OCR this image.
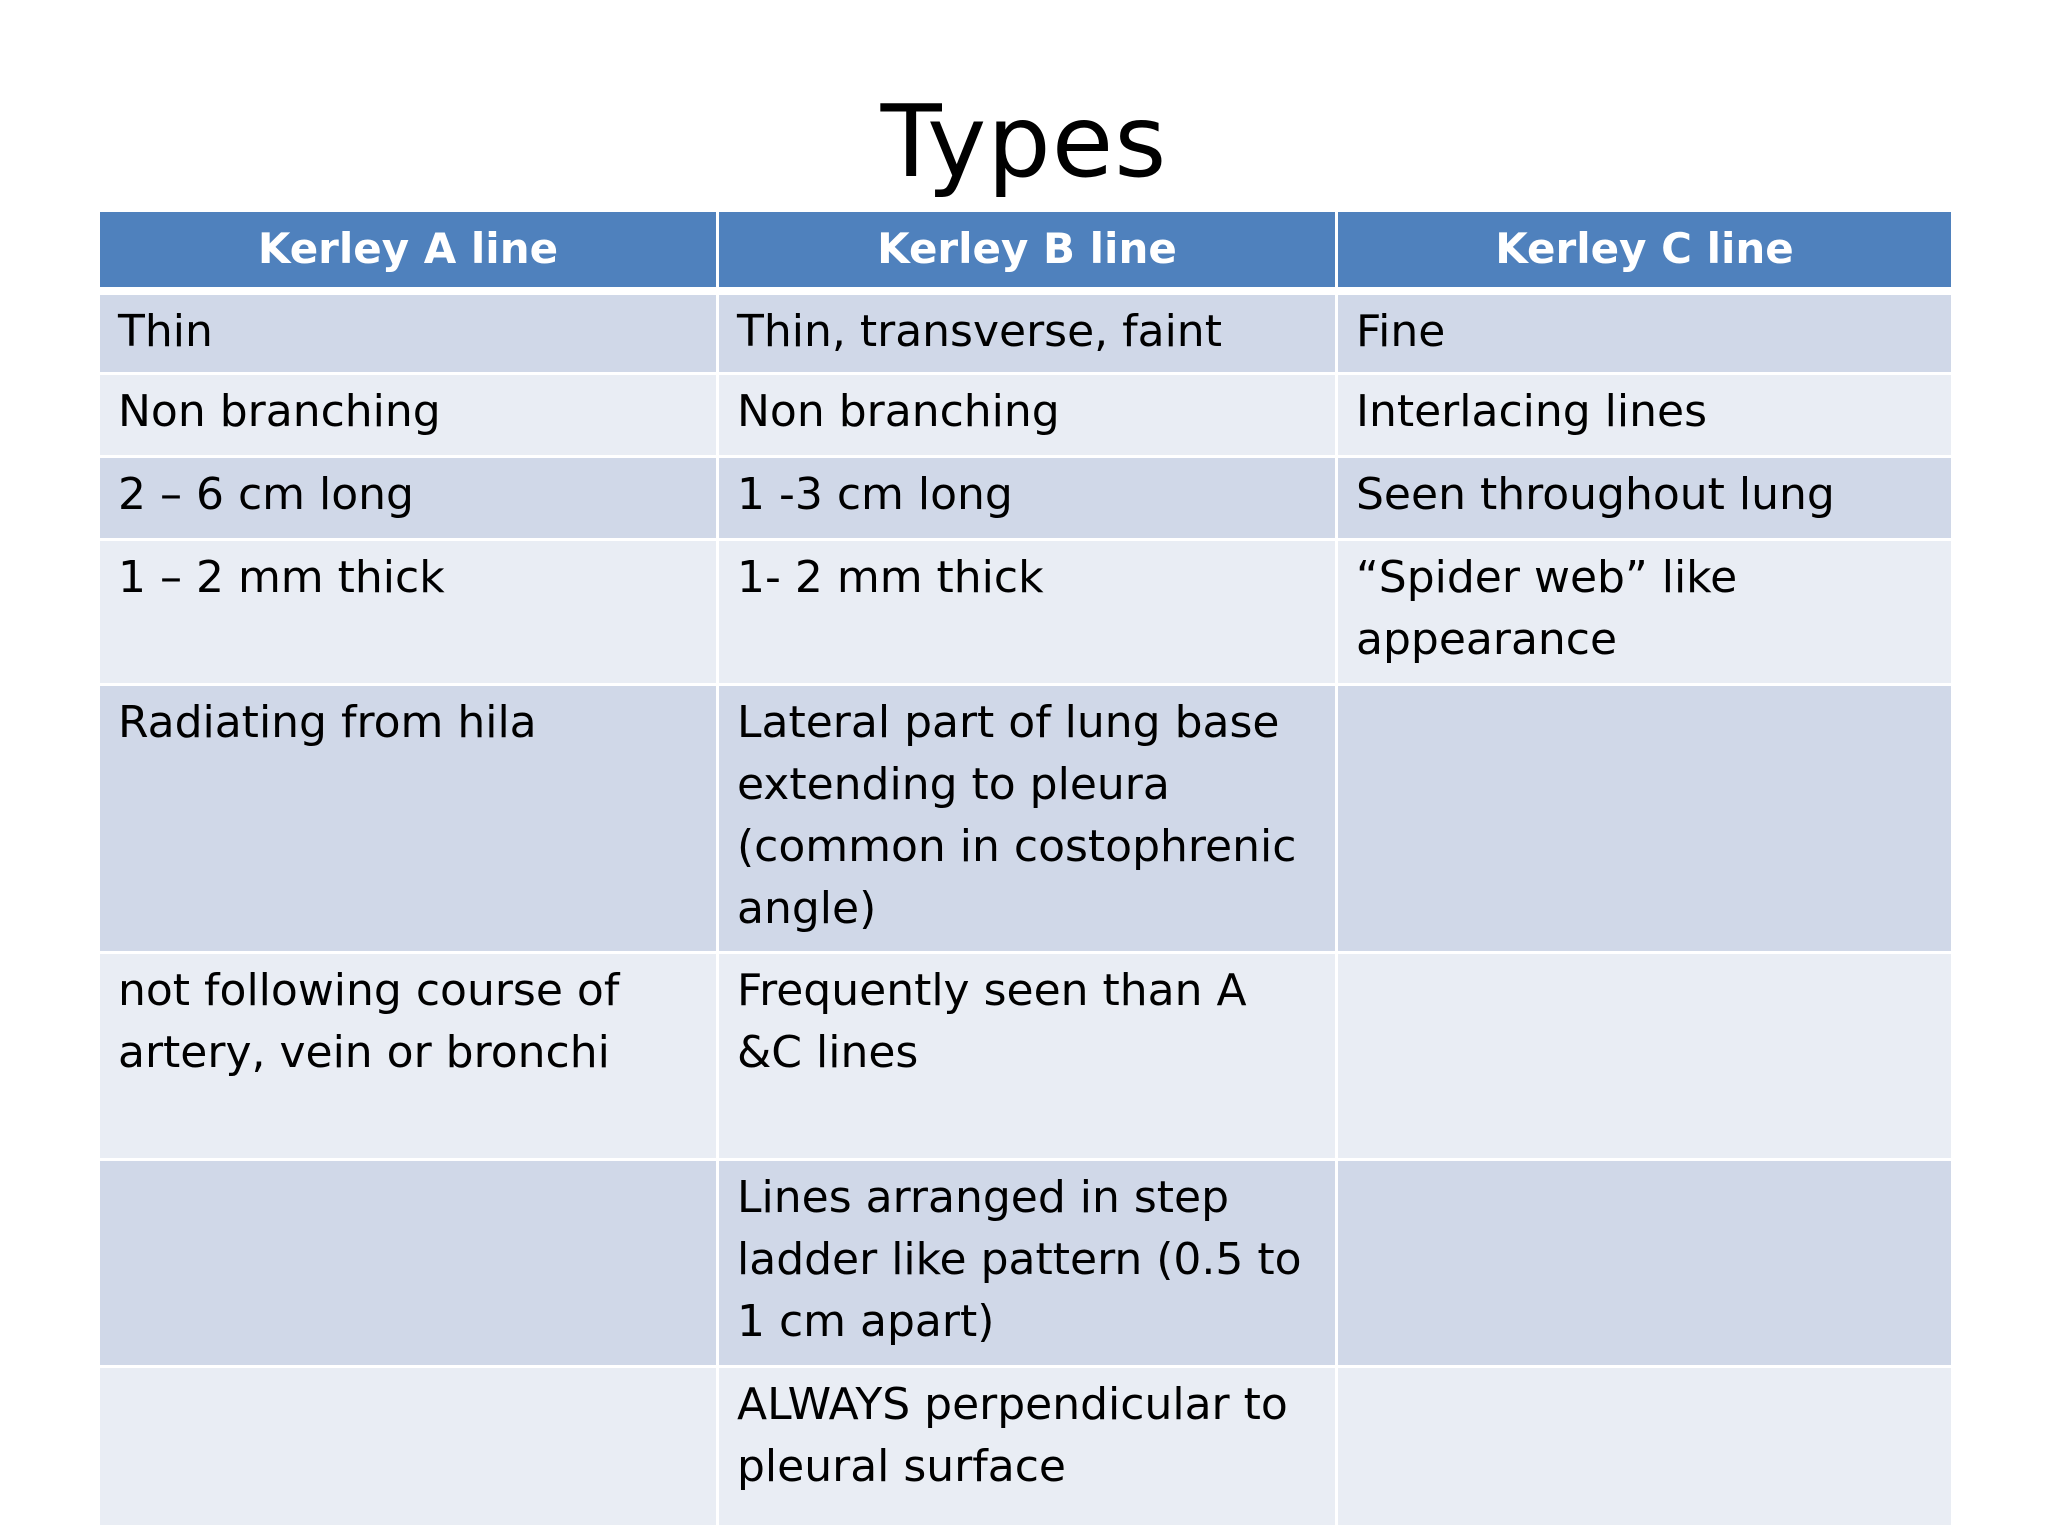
Types
Kerley A line	Kerley B line	Kerley C line
Thin	Thin, transverse, faint	Fine
Non branching	Non branching	Interlacing lines
2 – 6 cm long	1 -3 cm long	Seen throughout lung
1 – 2 mm thick	1- 2 mm thick	“Spider web” like appearance
Radiating from hila	Lateral part of lung base extending to pleura (common in costophrenic angle)	
not following course of artery, vein or bronchi	Frequently seen than A &C lines	
	Lines arranged in step ladder like pattern (0.5 to 1 cm apart)	
	ALWAYS perpendicular to pleural surface	
